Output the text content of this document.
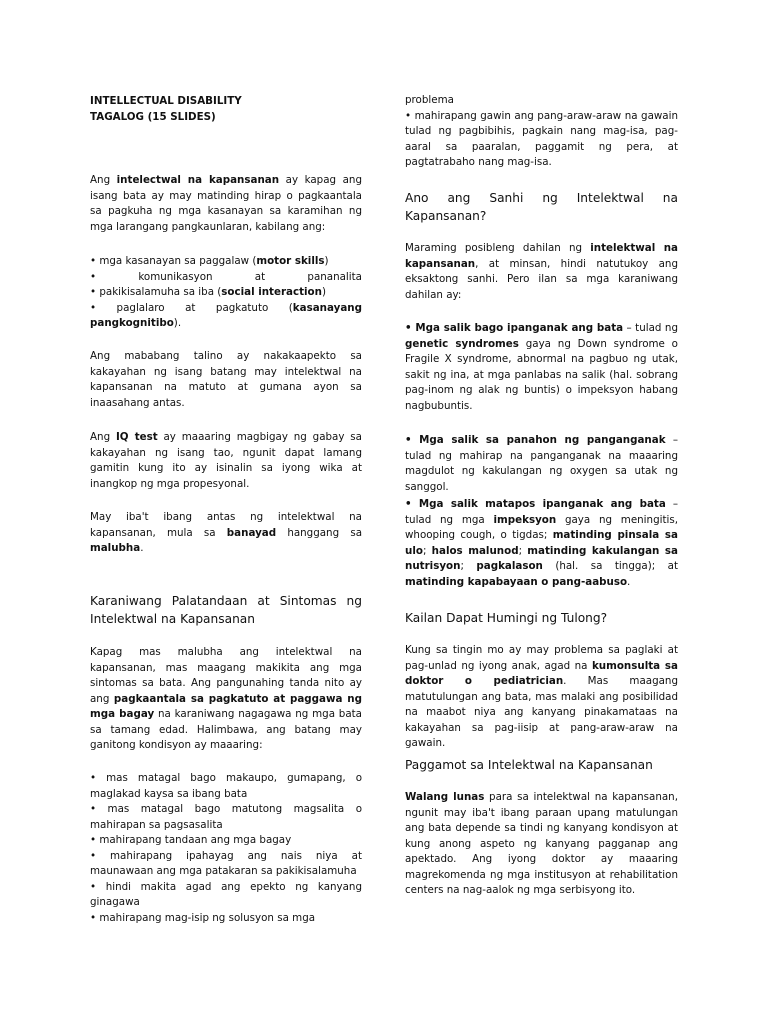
INTELLECTUAL DISABILITY
TAGALOG (15 SLIDES)

Ang intelectwal na kapansanan ay kapag ang isang bata ay may matinding hirap o pagkaantala sa pagkuha ng mga kasanayan sa karamihan ng mga larangang pangkaunlaran, kabilang ang:

• mga kasanayan sa paggalaw (motor skills)
• komunikasyon at pananalita
• pakikisalamuha sa iba (social interaction)
• paglalaro at pagkatuto (kasanayang pangkognitibo).

Ang mababang talino ay nakakaapekto sa kakayahan ng isang batang may intelektwal na kapansanan na matuto at gumana ayon sa inaasahang antas.

Ang IQ test ay maaaring magbigay ng gabay sa kakayahan ng isang tao, ngunit dapat lamang gamitin kung ito ay isinalin sa iyong wika at inangkop ng mga propesyonal.

May iba't ibang antas ng intelektwal na kapansanan, mula sa banayad hanggang sa malubha.

Karaniwang Palatandaan at Sintomas ng Intelektwal na Kapansanan

Kapag mas malubha ang intelektwal na kapansanan, mas maagang makikita ang mga sintomas sa bata. Ang pangunahing tanda nito ay ang pagkaantala sa pagkatuto at paggawa ng mga bagay na karaniwang nagagawa ng mga bata sa tamang edad. Halimbawa, ang batang may ganitong kondisyon ay maaaring:

• mas matagal bago makaupo, gumapang, o maglakad kaysa sa ibang bata
• mas matagal bago matutong magsalita o mahirapan sa pagsasalita
• mahirapang tandaan ang mga bagay
• mahirapang ipahayag ang nais niya at maunawaan ang mga patakaran sa pakikisalamuha
• hindi makita agad ang epekto ng kanyang ginagawa
• mahirapang mag-isip ng solusyon sa mga

problema

• mahirapang gawin ang pang-araw-araw na gawain tulad ng pagbibihis, pagkain nang mag-isa, pag-aaral sa paaralan, paggamit ng pera, at pagtatrabaho nang mag-isa.

Ano ang Sanhi ng Intelektwal na Kapansanan?

Maraming posibleng dahilan ng intelektwal na kapansanan, at minsan, hindi natutukoy ang eksaktong sanhi. Pero ilan sa mga karaniwang dahilan ay:

• Mga salik bago ipanganak ang bata – tulad ng genetic syndromes gaya ng Down syndrome o Fragile X syndrome, abnormal na pagbuo ng utak, sakit ng ina, at mga panlabas na salik (hal. sobrang pag-inom ng alak ng buntis) o impeksyon habang nagbubuntis.

• Mga salik sa panahon ng panganganak – tulad ng mahirap na panganganak na maaaring magdulot ng kakulangan ng oxygen sa utak ng sanggol.

• Mga salik matapos ipanganak ang bata – tulad ng mga impeksyon gaya ng meningitis, whooping cough, o tigdas; matinding pinsala sa ulo; halos malunod; matinding kakulangan sa nutrisyon; pagkalason (hal. sa tingga); at matinding kapabayaan o pang-aabuso.

Kailan Dapat Humingi ng Tulong?

Kung sa tingin mo ay may problema sa paglaki at pag-unlad ng iyong anak, agad na kumonsulta sa doktor o pediatrician. Mas maagang matutulungan ang bata, mas malaki ang posibilidad na maabot niya ang kanyang pinakamataas na kakayahan sa pag-iisip at pang-araw-araw na gawain.

Paggamot sa Intelektwal na Kapansanan

Walang lunas para sa intelektwal na kapansanan, ngunit may iba't ibang paraan upang matulungan ang bata depende sa tindi ng kanyang kondisyon at kung anong aspeto ng kanyang pagganap ang apektado. Ang iyong doktor ay maaaring magrekomenda ng mga institusyon at rehabilitation centers na nag-aalok ng mga serbisyong ito.
